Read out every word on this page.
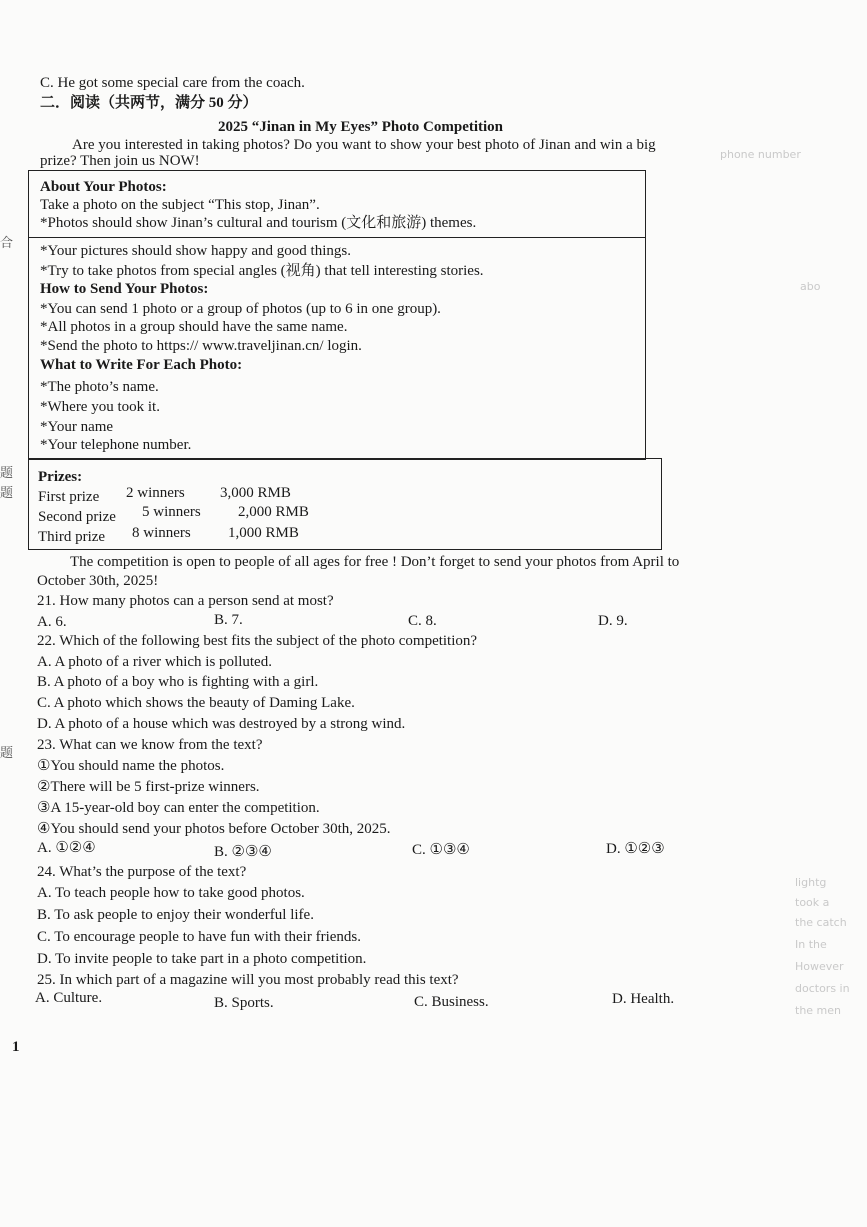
合
题
题
题
phone number
abo
lightg
took a
the catch
In the
However
doctors in
the men
C. He got some special care from the coach.
二．阅读（共两节，满分 50 分）
2025 “Jinan in My Eyes” Photo Competition
Are you interested in taking photos? Do you want to show your best photo of Jinan and win a big
prize? Then join us NOW!
About Your Photos:
Take a photo on the subject “This stop, Jinan”.
*Photos should show Jinan’s cultural and tourism (文化和旅游) themes.
*Your pictures should show happy and good things.
*Try to take photos from special angles (视角) that tell interesting stories.
How to Send Your Photos:
*You can send 1 photo or a group of photos (up to 6 in one group).
*All photos in a group should have the same name.
*Send the photo to https:// www.traveljinan.cn/ login.
What to Write For Each Photo:
*The photo’s name.
*Where you took it.
*Your name
*Your telephone number.
Prizes:
First prize 2 winners 3,000 RMB
Second prize 5 winners 2,000 RMB
Third prize 8 winners 1,000 RMB
The competition is open to people of all ages for free ! Don’t forget to send your photos from April to
October 30th, 2025!
21. How many photos can a person send at most?
A. 6.	B. 7.	C. 8.	D. 9.
22. Which of the following best fits the subject of the photo competition?
A. A photo of a river which is polluted.
B. A photo of a boy who is fighting with a girl.
C. A photo which shows the beauty of Daming Lake.
D. A photo of a house which was destroyed by a strong wind.
23. What can we know from the text?
①You should name the photos.
②There will be 5 first-prize winners.
③A 15-year-old boy can enter the competition.
④You should send your photos before October 30th, 2025.
A. ①②④	B. ②③④	C. ①③④	D. ①②③
24. What’s the purpose of the text?
A. To teach people how to take good photos.
B. To ask people to enjoy their wonderful life.
C. To encourage people to have fun with their friends.
D. To invite people to take part in a photo competition.
25. In which part of a magazine will you most probably read this text?
A. Culture.	B. Sports.	C. Business.	D. Health.
1
